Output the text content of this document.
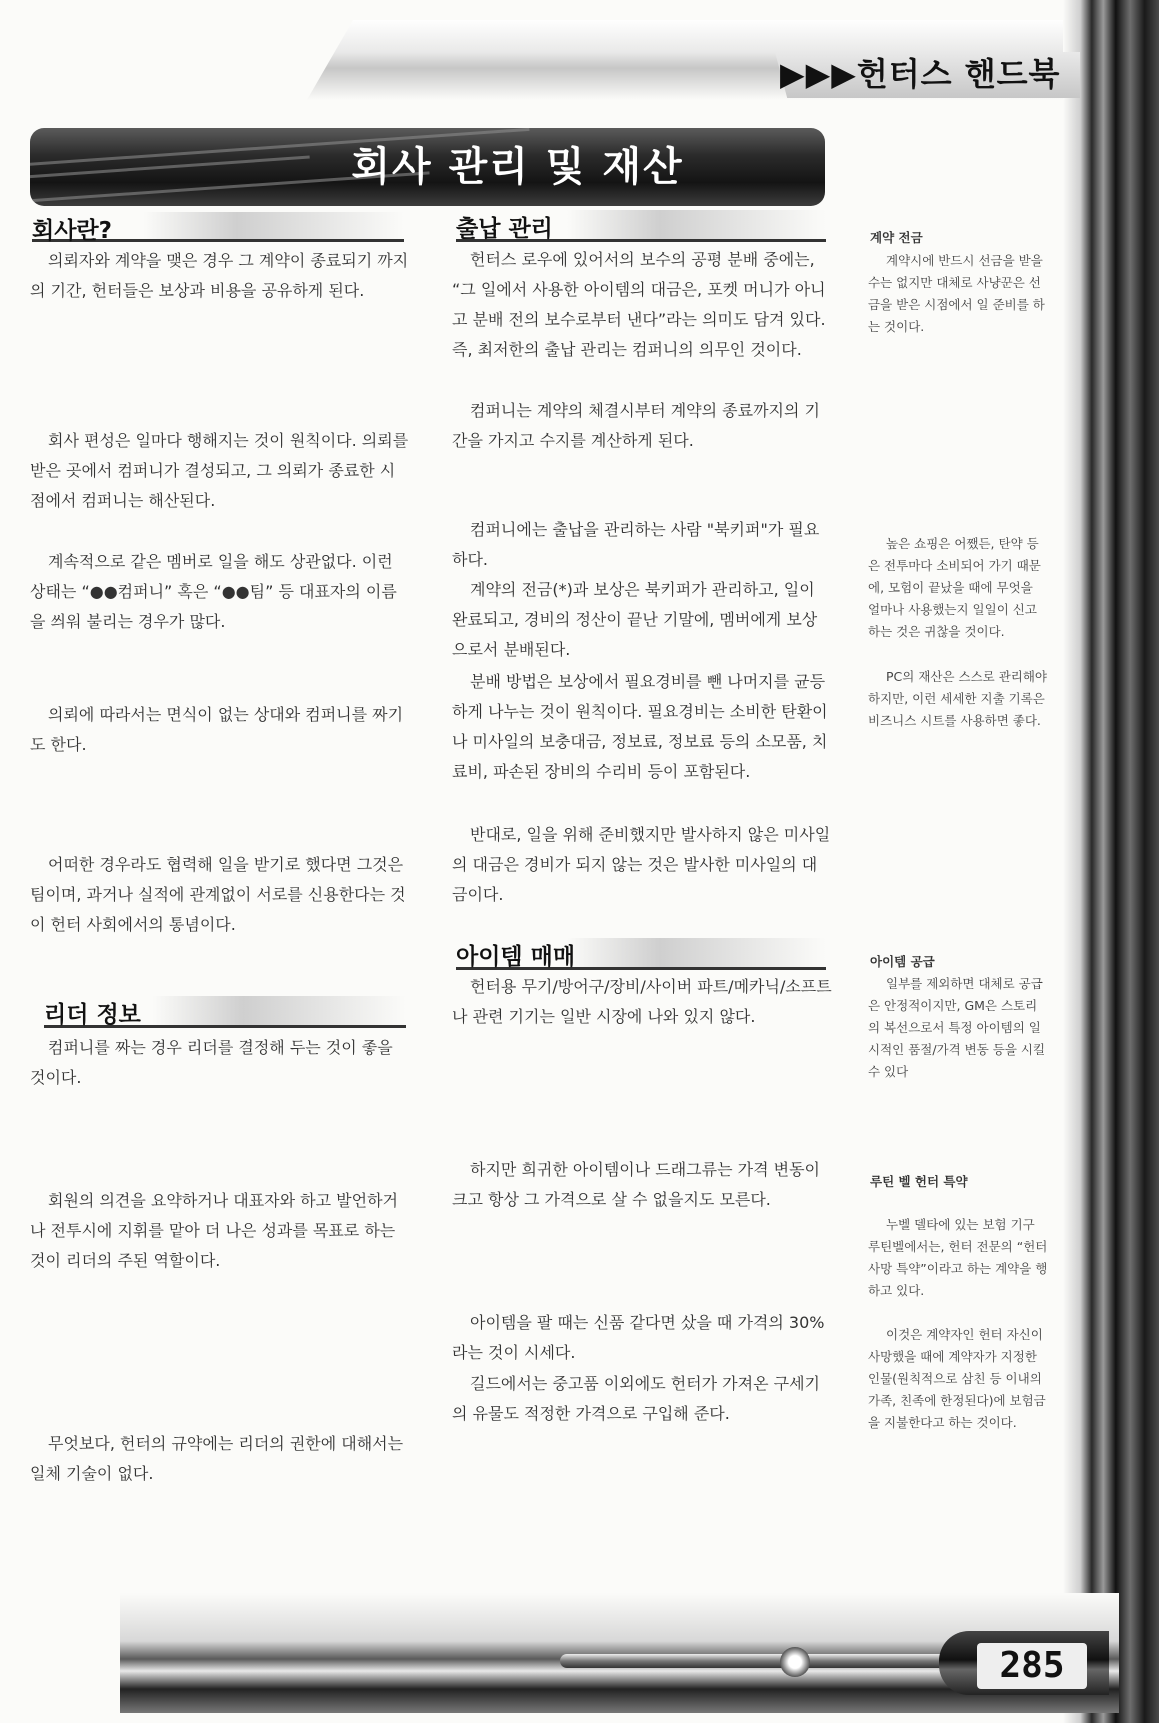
285
▶▶▶헌터스 핸드북
회사 관리 및 재산
회사란?

의뢰자와 계약을 맺은 경우 그 계약이 종료되기 까지의 기간, 헌터들은 보상과 비용을 공유하게 된다.

회사 편성은 일마다 행해지는 것이 원칙이다. 의뢰를 받은 곳에서 컴퍼니가 결성되고, 그 의뢰가 종료한 시점에서 컴퍼니는 해산된다.

계속적으로 같은 멤버로 일을 해도 상관없다. 이런 상태는 “●●컴퍼니” 혹은 “●●팀” 등 대표자의 이름을 씌워 불리는 경우가 많다.

의뢰에 따라서는 면식이 없는 상대와 컴퍼니를 짜기도 한다.

어떠한 경우라도 협력해 일을 받기로 했다면 그것은 팀이며, 과거나 실적에 관계없이 서로를 신용한다는 것이 헌터 사회에서의 통념이다.

리더 정보

컴퍼니를 짜는 경우 리더를 결정해 두는 것이 좋을 것이다.

회원의 의견을 요약하거나 대표자와 하고 발언하거나 전투시에 지휘를 맡아 더 나은 성과를 목표로 하는 것이 리더의 주된 역할이다.

무엇보다, 헌터의 규약에는 리더의 권한에 대해서는 일체 기술이 없다.

출납 관리

헌터스 로우에 있어서의 보수의 공평 분배 중에는, “그 일에서 사용한 아이템의 대금은, 포켓 머니가 아니고 분배 전의 보수로부터 낸다”라는 의미도 담겨 있다. 즉, 최저한의 출납 관리는 컴퍼니의 의무인 것이다.

컴퍼니는 계약의 체결시부터 계약의 종료까지의 기간을 가지고 수지를 계산하게 된다.

컴퍼니에는 출납을 관리하는 사람 "북키퍼"가 필요하다.

계약의 전금(*)과 보상은 북키퍼가 관리하고, 일이 완료되고, 경비의 정산이 끝난 기말에, 멤버에게 보상으로서 분배된다.

분배 방법은 보상에서 필요경비를 뺀 나머지를 균등하게 나누는 것이 원칙이다. 필요경비는 소비한 탄환이나 미사일의 보충대금, 정보료, 정보료 등의 소모품, 치료비, 파손된 장비의 수리비 등이 포함된다.

반대로, 일을 위해 준비했지만 발사하지 않은 미사일의 대금은 경비가 되지 않는 것은 발사한 미사일의 대금이다.

아이템 매매

헌터용 무기/방어구/장비/사이버 파트/메카닉/소프트나 관련 기기는 일반 시장에 나와 있지 않다.

하지만 희귀한 아이템이나 드래그류는 가격 변동이 크고 항상 그 가격으로 살 수 없을지도 모른다.

아이템을 팔 때는 신품 같다면 샀을 때 가격의 30%라는 것이 시세다.

길드에서는 중고품 이외에도 헌터가 가져온 구세기의 유물도 적정한 가격으로 구입해 준다.

계약 전금

계약시에 반드시 선금을 받을 수는 없지만 대체로 사냥꾼은 선금을 받은 시점에서 일 준비를 하는 것이다.

높은 쇼핑은 어쨌든, 탄약 등은 전투마다 소비되어 가기 때문에, 모험이 끝났을 때에 무엇을 얼마나 사용했는지 일일이 신고하는 것은 귀찮을 것이다.

PC의 재산은 스스로 관리해야 하지만, 이런 세세한 지출 기록은 비즈니스 시트를 사용하면 좋다.

아이템 공급

일부를 제외하면 대체로 공급은 안정적이지만, GM은 스토리의 복선으로서 특정 아이템의 일시적인 품절/가격 변동 등을 시킬 수 있다

루틴 벨 헌터 특약

누벨 델타에 있는 보험 기구 루틴벨에서는, 헌터 전문의 “헌터 사망 특약”이라고 하는 계약을 행하고 있다.

이것은 계약자인 헌터 자신이 사망했을 때에 계약자가 지정한 인물(원칙적으로 삼친 등 이내의 가족, 친족에 한정된다)에 보험금을 지불한다고 하는 것이다.
